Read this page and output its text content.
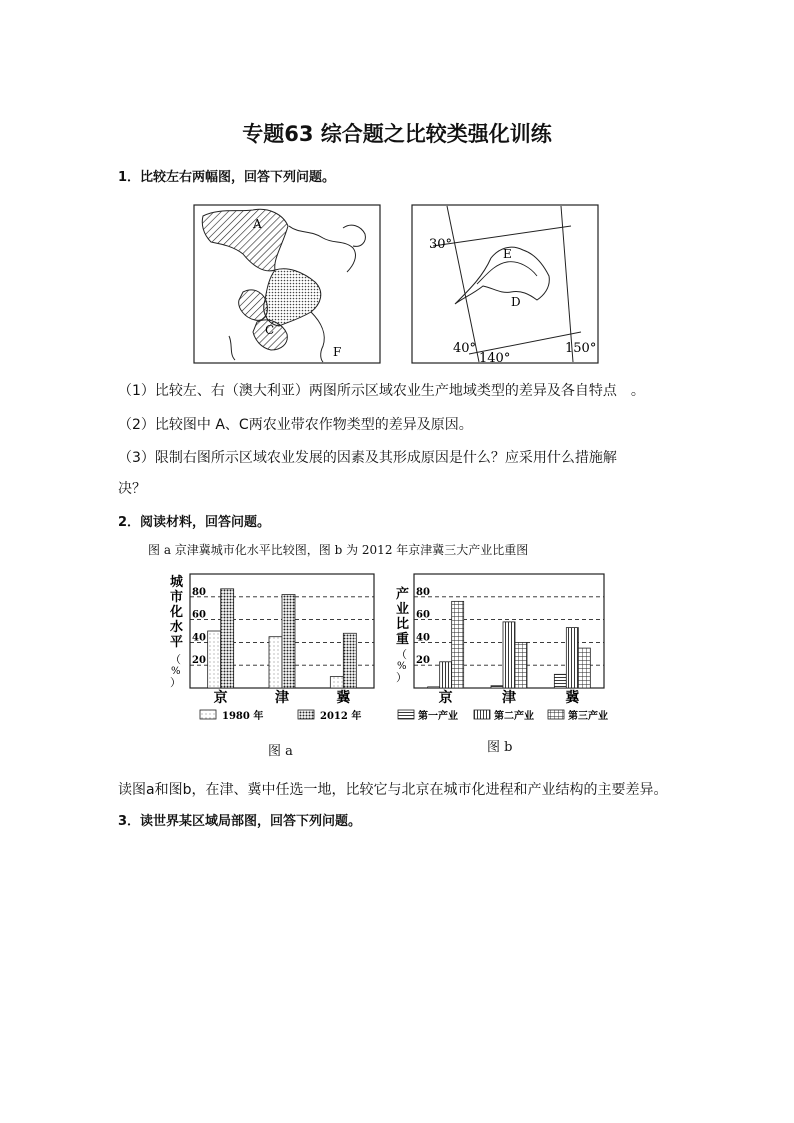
专题63 综合题之比较类强化训练
1．比较左右两幅图，回答下列问题。
A
C
F
30°
E
D
40°
140°
150°
（1）比较左、右（澳大利亚）两图所示区域农业生产地域类型的差异及各自特点　。
（2）比较图中 A、C两农业带农作物类型的差异及原因。
（3）限制右图所示区域农业发展的因素及其形成原因是什么？应采用什么措施解
决？
2．阅读材料，回答问题。
图 a 京津冀城市化水平比较图，图 b 为 2012 年京津冀三大产业比重图
城
市
化
水
平
（
%
）
20
40
60
80
京	津	冀
1980 年	2012 年
产
业
比
重
（
%
）
20
40
60
80
京	津	冀
第一产业	第二产业	第三产业
图 a	图 b
读图a和图b，在津、冀中任选一地，比较它与北京在城市化进程和产业结构的主要差异。
3．读世界某区域局部图，回答下列问题。
